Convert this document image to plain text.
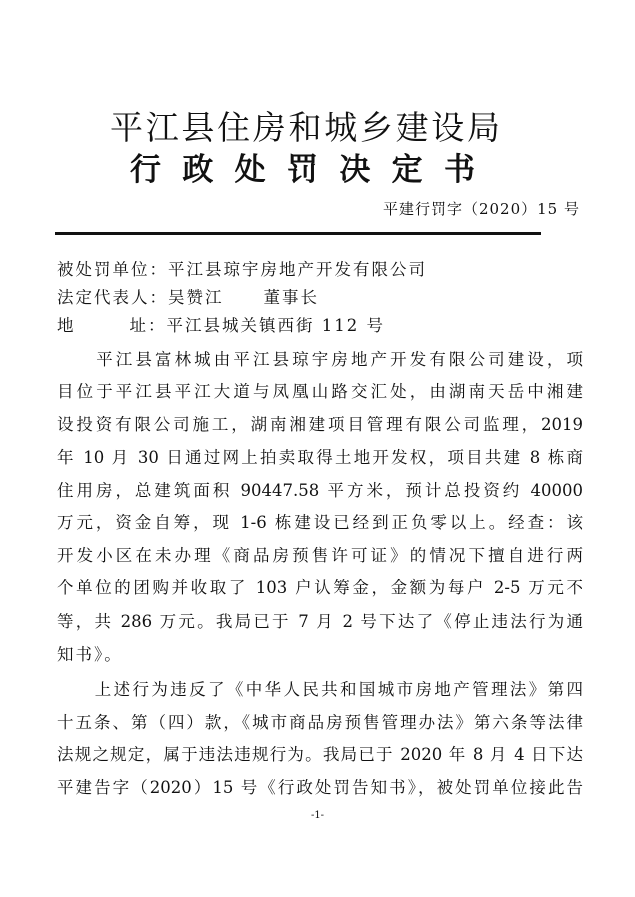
平江县住房和城乡建设局
行政处罚决定书
平建行罚字（2020）15 号
被处罚单位：平江县琼宇房地产开发有限公司
法定代表人：吴赞江 董事长
地	址：平江县城关镇西街 112 号
　　平江县富林城由平江县琼宇房地产开发有限公司建设，项
目位于平江县平江大道与凤凰山路交汇处，由湖南天岳中湘建
设投资有限公司施工，湖南湘建项目管理有限公司监理，2019
年 10 月 30 日通过网上拍卖取得土地开发权，项目共建 8 栋商
住用房，总建筑面积 90447.58 平方米，预计总投资约 40000
万元，资金自筹，现 1-6 栋建设已经到正负零以上。经查：该
开发小区在未办理《商品房预售许可证》的情况下擅自进行两
个单位的团购并收取了 103 户认筹金，金额为每户 2-5 万元不
等，共 286 万元。我局已于 7 月 2 号下达了《停止违法行为通
知书》。
　　上述行为违反了《中华人民共和国城市房地产管理法》第四
十五条、第（四）款，《城市商品房预售管理办法》第六条等法律
法规之规定，属于违法违规行为。我局已于 2020 年 8 月 4 日下达
平建告字（2020）15 号《行政处罚告知书》，被处罚单位接此告
-1-
